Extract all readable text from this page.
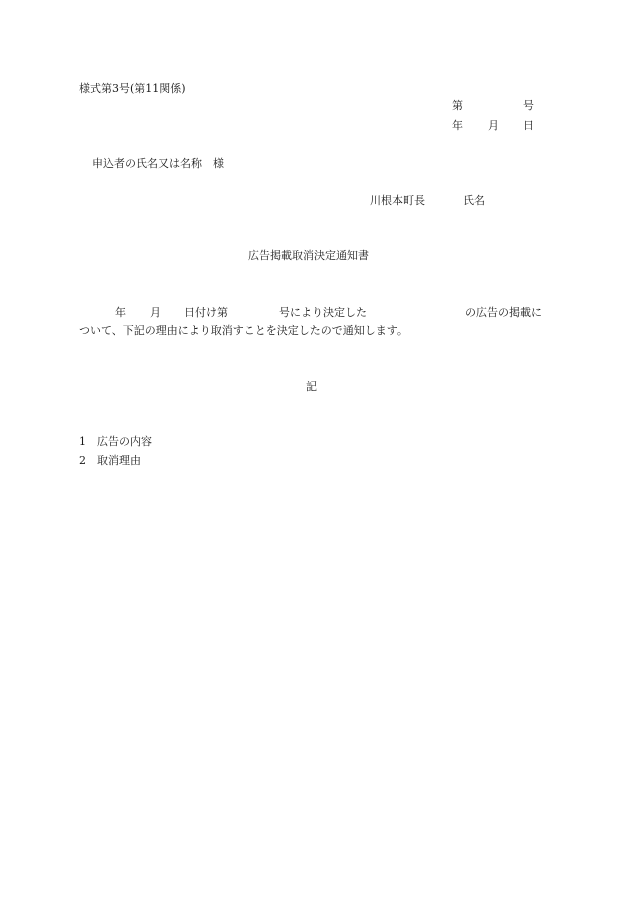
様式第3号(第11関係)
第	号
年 月 日
申込者の氏名又は名称　様
川根本町長	氏名
広告掲載取消決定通知書
年 月 日付け第	号により決定した	の広告の掲載に
ついて、下記の理由により取消すことを決定したので通知します。
記
1 広告の内容
2 取消理由
